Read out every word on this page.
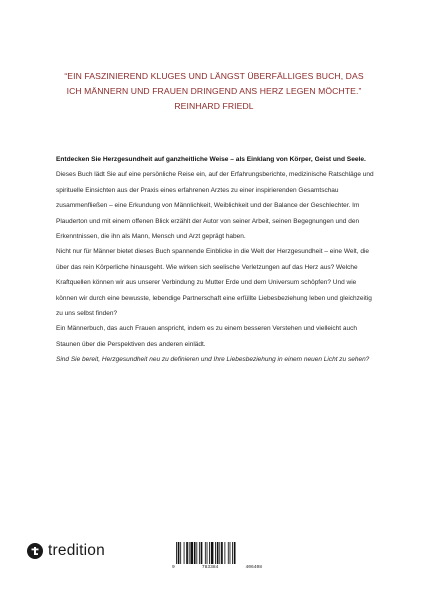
“EIN FASZINIEREND KLUGES UND LÄNGST ÜBERFÄLLIGES BUCH, DAS
ICH MÄNNERN UND FRAUEN DRINGEND ANS HERZ LEGEN MÖCHTE.”
REINHARD FRIEDL

Entdecken Sie Herzgesundheit auf ganzheitliche Weise – als Einklang von Körper, Geist und Seele.

Dieses Buch lädt Sie auf eine persönliche Reise ein, auf der Erfahrungsberichte, medizinische Ratschläge und spirituelle Einsichten aus der Praxis eines erfahrenen Arztes zu einer inspirierenden Gesamtschau zusammenfließen – eine Erkundung von Männlichkeit, Weiblichkeit und der Balance der Geschlechter. Im Plauderton und mit einem offenen Blick erzählt der Autor von seiner Arbeit, seinen Begegnungen und den Erkenntnissen, die ihn als Mann, Mensch und Arzt geprägt haben.

Nicht nur für Männer bietet dieses Buch spannende Einblicke in die Welt der Herzgesundheit – eine Welt, die über das rein Körperliche hinausgeht. Wie wirken sich seelische Verletzungen auf das Herz aus? Welche Kraftquellen können wir aus unserer Verbindung zu Mutter Erde und dem Universum schöpfen? Und wie können wir durch eine bewusste, lebendige Partnerschaft eine erfüllte Liebesbeziehung leben und gleichzeitig zu uns selbst finden?

Ein Männerbuch, das auch Frauen anspricht, indem es zu einem besseren Verstehen und vielleicht auch Staunen über die Perspektiven des anderen einlädt.

Sind Sie bereit, Herzgesundheit neu zu definieren und Ihre Liebesbeziehung in einem neuen Licht zu sehen?

tredition
9	783384	406408
